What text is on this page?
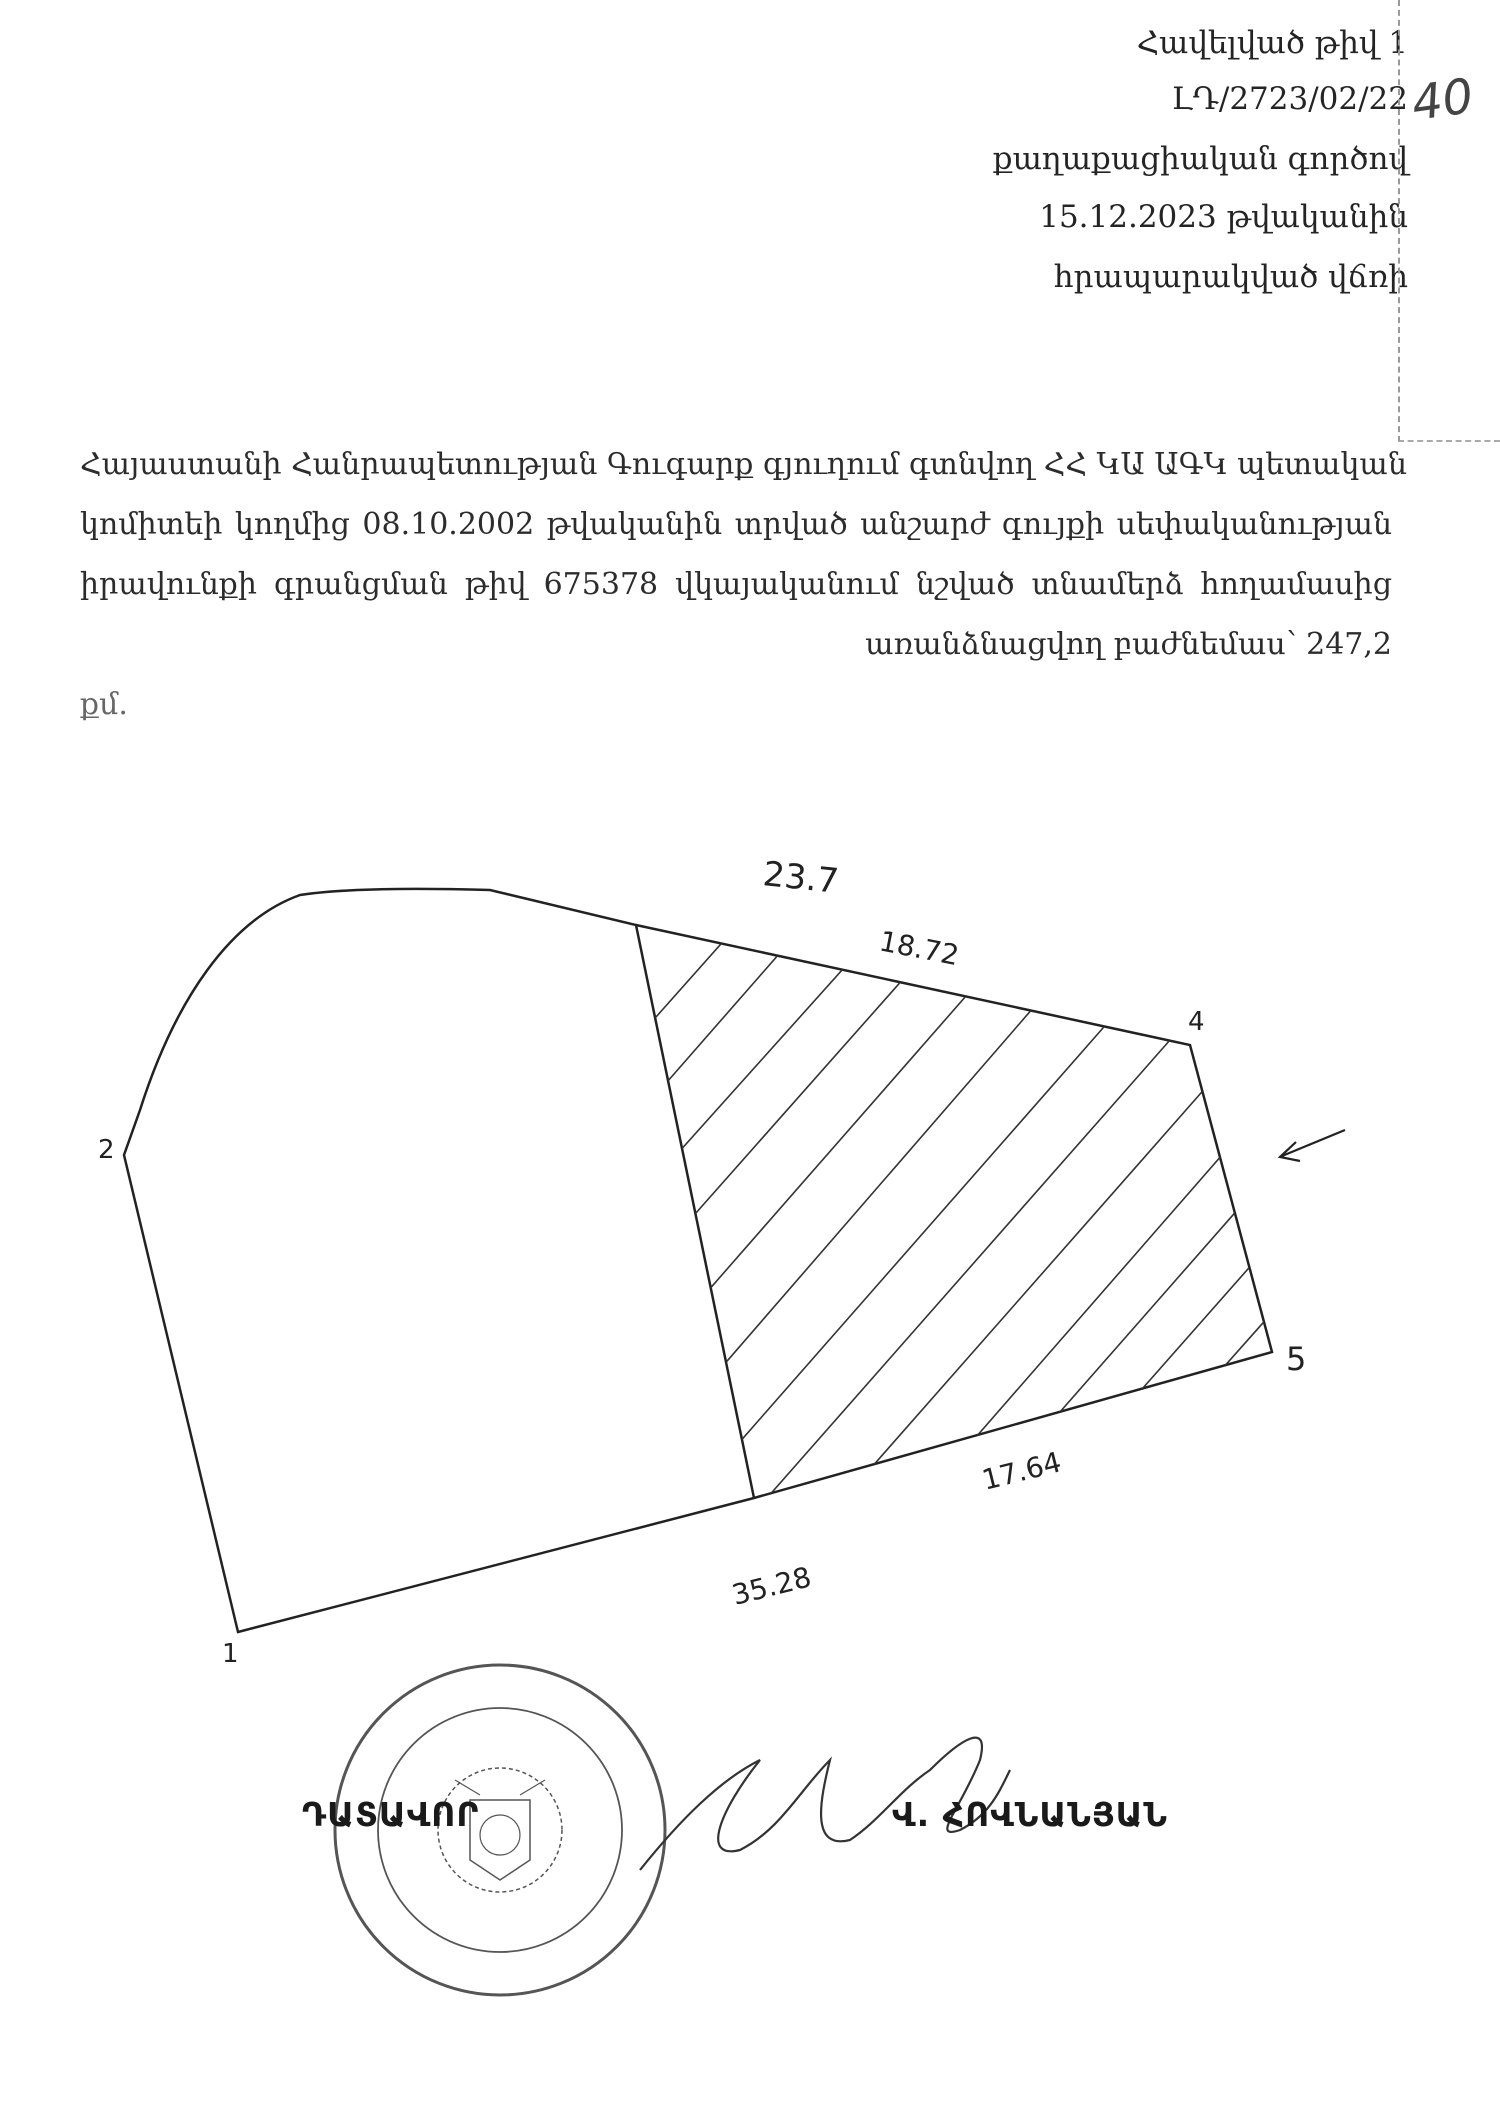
Հավելված թիվ 1

ԼԴ/2723/02/22

քաղաքացիական գործով

15.12.2023 թվականին

հրապարակված վճռի

40
Հայաստանի Հանրապետության Գուգարք գյուղում գտնվող ՀՀ ԿԱ ԱԳԿ պետական
կոմիտեի կողմից 08.10.2002 թվականին տրված անշարժ գույքի սեփականության
իրավունքի գրանցման թիվ 675378 վկայականում նշված տնամերձ հողամասից
առանձնացվող բաժնեմաս՝ 247,2
քմ.
1
2
4
5
23.7
18.72
17.64
35.28
ԴԱՏԱՎՈՐ	Վ. ՀՈՎՆԱՆՅԱՆ
